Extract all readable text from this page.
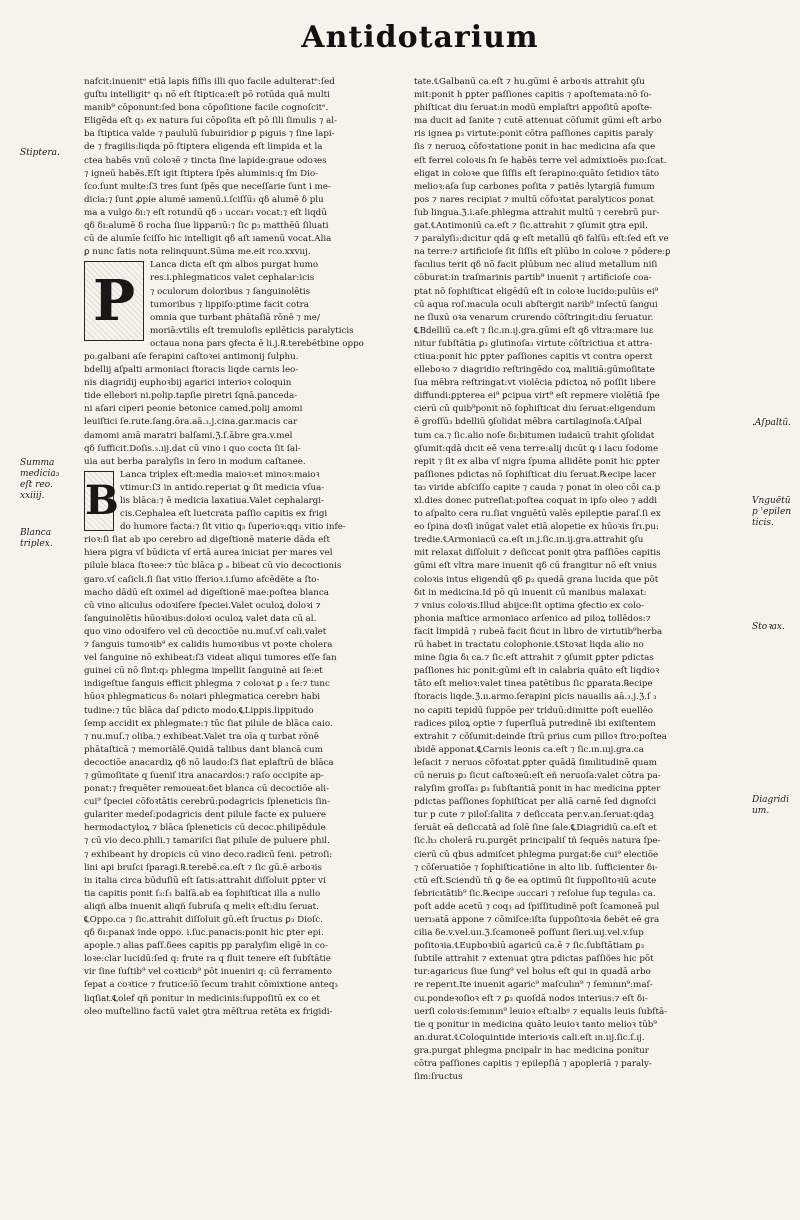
Antidotarium

nafcit:inuenitᵉ etiā lapis fiſſis illi quo facile adulteratᵉ:ſed
guſtu intelligitᵉ q₃ nō eſt ſtiptica:eſt pō rotūda quā multi
manib⁹ cōponunt:ſed bona cōpoſitione facile cognoſcitᵉ.
Eligēda eſt q₃ ex natura ſui cōpoſita eſt pō ſili ſimulis ⁊ al-
ba ſtiptica valde ⁊ paululū ſubuiridior ꝑ piguis ⁊ ſine lapi-
de ⁊ fragilis:liqda pō ſtiptera eligenda eſt limpida et la
ctea habēs vnū coloꝛē ⁊ tincta ſine lapide:graue odoꝛes
⁊ igneū habēs.Eſt igit ſtiptera ſpēs aluminis:q ſm Dio-
ſco.ſunt multe:ſ3 tres ſunt ſpēs que neceſſarie ſunt i me-
dicia:⁊ ſunt ꝓpie alumē ıamenū.i.ſciſſū₃ qδ alumē δ plu
ma a vulgo δı:⁊ eſt rotundū qδ ₃ uccar₃ vocat:⁊ eſt liqdū
qδ δı:alumē δ rocha ſiue lipparıū:⁊ ſic ꝑ₃ matthēū ſiluati
cū de alumīe ſciſſo hic intelligit qδ aſt ıamenū vocat.Alia
ꝑ nunc ſatis nota relinquunt.Sūma me.eit rco.xxvııj.

P

Lanca dicta eſt qm albos purgat humo
res.i.phlegmaticos valet cephalar:icis
⁊ oculorum doloribus ⁊ ſanguinolētis
tumoribus ⁊ lippiſo:ptime facit cotra
omnia que turbant phātaſiā rōnē ⁊ me/
moriā:vtilis eſt tremuloſis epilēticis paralyticis
octaua nona pars ꝯfecta ē li.j.℞.terebētbine oppo
po.galbani aſe ferapini caſtoꝛei antimonij ſulphu.
bdellij aſpalti armoniaci ſtoracis liqde carnis leo-
nis diagridij euphoꝛbij agarici interioꝛ coloquin
tide ellebori ni.polip.tapſie piretri ſqnā.panceda-
ni aſari ciperi peonie betonice camed.polij amomi
leuiſtici ſe.rute.ſang.ōra.aā.₃.j.cina.gar.macis car
damomi anıā maratri balſami.ℨ.ſ.ābre gra.v.mel
qδ ſufficit.Doſis.₃.ıij.dat cū vino i quo cocta ſit ſal-
uia aut berba paralyſis in ſero in modum caſtanee.

B

Lanca triplex eſt:media maioꝛ:et minoꝛ:maioꝛ
vtimur:ſ3 in antido.reperiat ꝙ ſit medicia vſua-
lis blāca:⁊ ē medicia laxatiua.Valet cephalargi-
cis.Cephalea eſt luetcrata paſſio capitis ex frigi
do humore facta:⁊ ſit vitio ꝗ₃ ſuperioꝛ:ꝗq₃ vitio infe-
rioꝛ:ſi ſiat ab ıpo cerebro ad digeſtionē materie dāda eſt
hiera pigra vſ būdicta vſ ertā aurea iniciat per mares vel
pilule blaca ſtoꝛee:⁊ tūc blāca ꝑ ₑ bibeat cū vi̇o decoctionis
garo.vſ caſicli.ſi ſiat vitio ſferioꝛ.i.ſumo afcēdēte a ſto-
macho dādū eſt oximel ad digeſtionē mae:poſtea blanca
cū vino aliculus odoꝛiſere ſpeciei.Valet oculoꝝ doloꝛi ⁊
ſanguinolētis hūoꝛibus:doloꝛi oculoꝝ valet data cū al.
quo vino odoꝛifero vel cū decoctiōe nu.muſ.vſ cali.valet
⁊ ſanguis tumoꝛib⁹ ex calidis humoꝛibus vt poꝛte cholera
vel ſanguine nō exhibeat:ſ3 videat aliqui tumores eſſe ſan
guinei cū nō ſint:q₃ phlegma impellit ſanguinē aıi ſe:et
indigeſtue ſanguis efficit phlegma ⁊ coloꝛat ꝑ ₃ ſe:⁊ tunc
hūoꝛ phlegmaticus δ₃ noiari phlegmatica cerebrı habi
tudine:⁊ tūc blāca daſ pdicto modo.℄Lippis.lippitudo
ſemp accidit ex phlegmate:⁊ tūc ſiat pilule de blāca caio.
⁊ nu.muſ.⁊ oliba.⁊ exhibeat.Valet tra oīa q turbat rōnē
phātaſticā ⁊ memoriālē.Quidā talibus dant blancā cum
decoctiōe anacardiꝝ qδ nō laudo:ſ3 ſiat eplaſtrū de blāca
⁊ gūmoſitate q ſueniſ itra anacardos:⁊ raſo occipite ap-
ponat:⁊ frequēter remoueat:δet blanca cū decoctiōe ali-
cui⁹ ſpeciei cōfoꝛtātis cerebrū:podagricis ſpleneticis ſin-
gulariter medeſ:podagricis dent pilule facte ex puluere
hermodactyloꝝ ⁊ blāca ſpleneticis cū decoc.philipēdule
⁊ cū vio deco.phili.⁊ tamariſci ſiat pilule de puluere phil.
⁊ exhibeant hy dropicis cū vino deco.radicū ſeni. petroſi:
lini api bruſci ſparagi.℞.terebē.ca.eſt ⁊ ſic gū.ē arboꝛis
in italia circa būduſiū eſt ſatis:attrahit diſſoluit ꝑpter vi
tia capitis ponit ſ₃:ſ₃ balſā.ab ea ſophiſticat illa a nullo
aliqñ alba inuenit aliqñ ſubruſa q meliꝛ eſt:diu ſeruat.
℄Oppo.ca ⁊ ſic.attrahit diſſoluit gū.eſt ſructus ꝑ₃ Dioſc.
qδ δı:panaẋ inde oppo. i.ſuc.panacis:ponit hic ꝑter epi.
apople.⁊ alias paſſ.δees capitis pp paralyſim eligē in co-
loꝛe:clar lucidū:ſed q: frute ra q fluit tenere eſt ſubſtātie
vir ſine ſuſtib⁹ vel coꝛticıb⁹ pōt inueniri q: cū ferramento
ſepat a coꝛtice ⁊ frutice:īō ſecum trahit cōmixtione anteq₃
liqſiat.℄olef qñ ponitur in medicinis:ſuppoſitū ex co et
oleo muſtellino factū valet ꝯtra mēſtrua retēta ex frigidi-

tate.℄Galbanū ca.eſt ⁊ hu.gūmi ē arboꝛis attrahit ꝯſu
mit:ponit h ꝑpter paſſiones capitis ⁊ apoſtemata:nō ſo-
phiſticat diu ſeruat:in modū emplaſtri appoſitū apoſte-
ma ducit ad ſanite ⁊ cutē attenuat cōſumit gūmi eſt arbo
ris ignea ꝑ₃ virtute:ponit cōtra paſſiones capitis paraly
ſis ⁊ neruoꝝ cōfoꝛtatione ponit in hac medicina aſa que
eſt ferrei coloꝛis ſn ſe habēs terre vel admixtioēs pıo:ſcat.
eligat in coloꝛe que ſiſſis eſt ſerapino:quāto ſetidioꝛ tāto
melioꝛ:aſa ſup carbones poſita ⁊ patiēs lytargiā fumum
pos ⁊ nares recipiat ⁊ multū cōfoꝛtat paralyticos ponat
ſub lingua.ℨ.i.aſe.phlegma attrahit multū ⁊ cerebrū pur-
gat.℄Antimoniū ca.eſt ⁊ ſic.attrahit ⁊ ꝯſumit ꝯtra epil.
⁊ paralyſi₃:dıcitur qdā ꝙ eſt metallū qδ falſū₃ eſt:ſed eſt ve
na terre:⁊ artificioſe ſit ſiſſis eſt plūbo in coloꝛe ⁊ pōdere:ꝑ
facılius terit qδ nō facit plūbum nec aliud metallum niſi
cōburat:in traſmarinis partib⁹ inuenit ⁊ artificioſe coa-
ptat nō ſophiſticat eligēdū eſt in coloꝛe lucido:pulūis ei⁹
cū aqua roſ.macula oculi abſtergit narib⁹ inſectū ſangui
ne ſluxū oꝛa venarum crurendo cōſtringit:diu ſeruatur.
℄Bdelliū ca.eſt ⁊ ſic.ın.ıj.gra.gūmi eſt qδ vltra:mare iuɛ
nitur ſubſtātia ꝑ₃ glutinoſa₃ virtute cōſtrictiua ɛt attra-
ctiua:ponit hic ꝑpter paſſiones capitis vt contra operɛt
elleboꝛo ⁊ diagridio reſtringēdo coꝝ malitiā:gūmoſitate
ſua mēbra reſtringat:vt violēcia pdictoꝝ nō poſſit libere
diffundi:ꝑpterea ei⁹ ꝑcipua virt⁹ eſt repmere violētiā ſpe
cierū cū quib⁹ponit nō ſophiſticat diu ſeruat:eligendum
ē groſſū₃ bdelliū ꝯſolidat mēbra cartilaginoſa.℄Aſpal
tum ca.⁊ ſic.alio noſe δı:bitumen iudaicū trahit ꝯſolidat
ꝯſumit:qdā dıcit eē vena terre:alij dıcūt ꝙ i lacu ſodome
repit ⁊ ſit ex alba vſ nigra ſpuma allidēte ponit hic ꝑpter
paſſiones pdictas nō ſophiſticat diu ſeruat.℞ecipe lacer
ta₃ viride abſciſſo capite ⁊ cauda ⁊ ponat in oleo cōi ca.p
xl.dies donec putreſiat:poſtea coquat in ipſo oleo ⁊ addi
to aſpalto cera ru.ſiat vnguētū valēs epileptie paraſ.ſi ex
eo ſpina doꝛſi inūgat valet etiā alopetie ex hūoꝛis ſrı.pu:
tredie.℄Armoniacū ca.eſt ın.j.ſic.ın.ij.gra.attrahit ꝯſu
mit relaxat diſſoluit ⁊ deſiccat ponit ꝯtra paſſiōes capitis
gūmi eſt vltra mare inuenit qδ cū frangitur nō eſt vnius
coloꝛis intus eligendū qδ ꝑ₃ quedā grana lucida que pōt
δıt in medicina.Id pō qū inuenit cū manibus malaxat:
⁊ vnius coloꝛis.Illud abijce:ſit optima ꝯfectio ex colo-
phonia maſtice armoniaco arſenico ad piloꝝ tollēdos:⁊
facit limpidā ⁊ rubeā facit ſicut in libro de virtutib⁹herba
rū habet in tractatu colophonie.℄Stoꝛat liqda alio no
mine ſigia δı ca.⁊ ſic.eſt attrahit ⁊ ꝯſumit ꝑpter pdictas
paſſiones hic ponit:gūmi eſt in calabria quāto eſt liqdioꝛ
tāto eſt melioꝛ:valet tinea patētibus ſic ꝑparata.℞ecipe
ſtoracis liqde.ℨ.ıı.armo.ſerapini picis nauailis aā.₃.j.ℨ.ſ ₃
no capiti tepidū ſuppōe per triduū:dimitte poſt euellēo
radices piloꝝ optie ⁊ ſuperſluā putredinē ibi exiſtentem
extrahit ⁊ cōſumit:deinde ſtrū prius cum pilloꝛ ſtro:poſtea
ıbidē apponat.℄Carnis leonis ca.eſt ⁊ ſic.ın.ıııj.gra.ca
leſacit ⁊ neruos cōfoꝛtat ꝑpter quādā ſimılitudinē quam
cū neruis ꝑ₃ ſicut caſtoꝛeū:eſt eñ neruoſa:valet cōtra pa-
ralyſim groſſa₃ ꝑ₃ ſubſtantiā ponit in hac medicina ꝑpter
pdictas paſſiones ſophiſticat per aliā carnē ſed dıgnoſci
tur p cute ⁊ piloſ:ſalita ⁊ deſiccata per.v.an.ſeruat:qdaꝫ
ſeruāt eā deſiccatā ad ſolē ſine ſale.℄Diagridiū ca.eſt et
ſic.h₃ cholerā ru.purgēt principaliſ tñ ſequēs natura ſpe-
cierū cū qbus admiſcet phlegma purgat:δe cui⁹ electiōe
⁊ cōſeruatiōe ⁊ ſophiſticatiōne in alto lib. ſufficienter δı-
ctū eſt.Sciendū tñ ꝙ δe ea optimū ſit ſuppoſitoꝛiū acute
ſebricıtātib⁹ ſic.℞ecipe ₃uccari ⁊ reſolue ſup tegula₃ ca.
poſt adde acetū ⁊ coq₃ ad ſpiſſitudinē poſt ſcamoneā pul
uerı₃atā appone ⁊ cōmiſce:iſta ſuppoſitoꝛia δebēt eē gra
cilia δe.v.vel.uıı.ℨ.ſcamoneē poſſunt ſieri.uıj.vel.v.ſup
poſitoꝛia.℄Eupboꝛbiū agaricū ca.ē ⁊ ſic.ſubſtātiam ꝑ₃
ſubtile attrahit ⁊ extenuat ꝯtra pdictas paſſiões hic pōt
tur:agaricus ſiue ſung⁹ vel bolus eſt qui in quadā arbo
re reperıt.Ite inuenit agaric⁹ maſculın⁹ ⁊ ſemının⁹:maſ-
cu.pondeꝛoſioꝛ eſt ⁊ ꝑ₃ quoſdā nodos interius:⁊ eſt δı-
uerſi coloꝛis:ſemının⁹ leuioꝛ eſt:albꝰ ⁊ equalis leuis ſubſtā-
tie q ponitur in medicina quāto leuioꝛ tanto melioꝛ tūb⁹
an.durat.℄Coloquintide interioꝛis cali.eſt ın.ııj.ſic.ſ.ıj.
gra.purgat phlegma pncipalr in hac medicina ponitur
cōtra paſſiones capitis ⁊ epilepſiā ⁊ apopleriā ⁊ paraly-
ſim:ſructus

Stiptera.
Summa
medicia₃
eſt reo.
xxiiij.
Blanca
triplex.
.Aſpaltū.
Vnguētū
p 'epilen
ticis.
Stoꝛax.
Diagridi
um.
